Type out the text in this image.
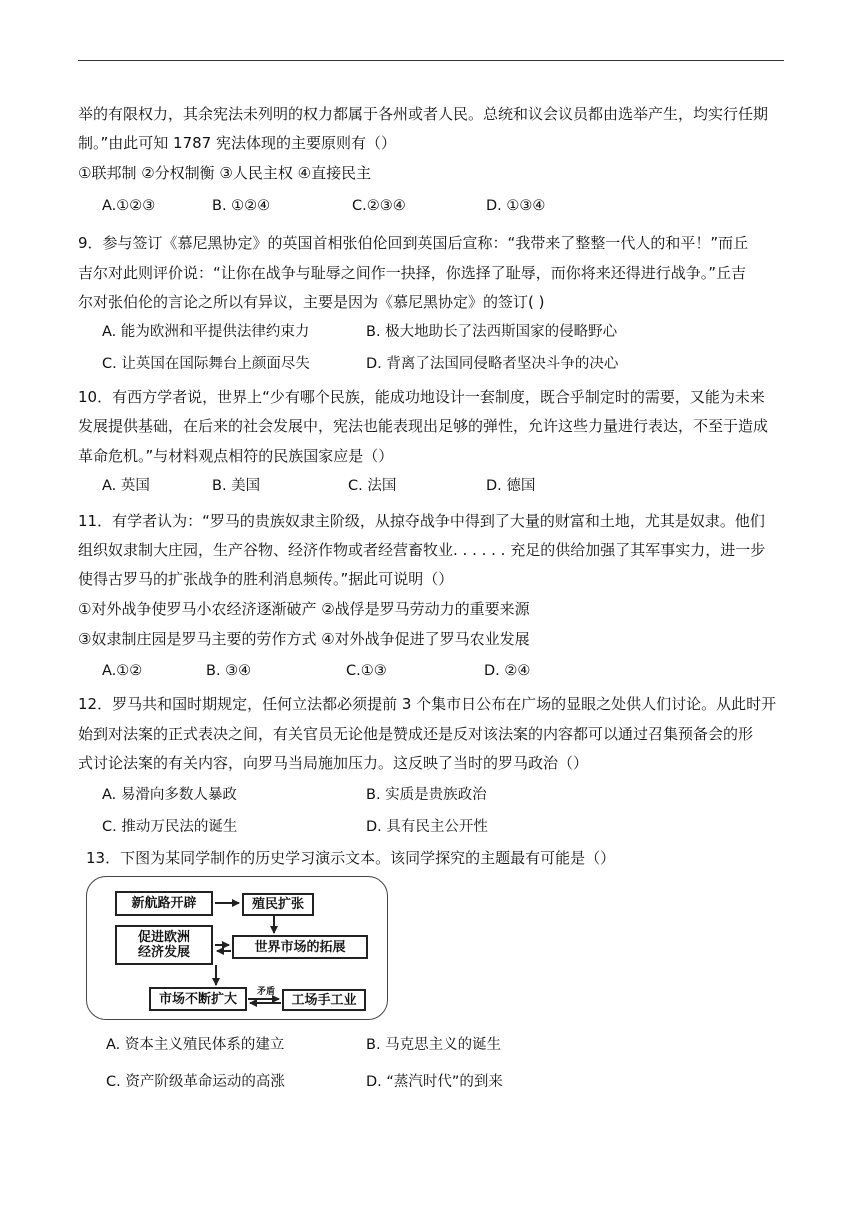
举的有限权力，其余宪法未列明的权力都属于各州或者人民。总统和议会议员都由选举产生，均实行任期
制。”由此可知 1787 宪法体现的主要原则有（）
①联邦制 ②分权制衡 ③人民主权 ④直接民主
A.①②③	B. ①②④	C.②③④	D. ①③④
9．参与签订《慕尼黑协定》的英国首相张伯伦回到英国后宣称：“我带来了整整一代人的和平！”而丘
吉尔对此则评价说：“让你在战争与耻辱之间作一抉择，你选择了耻辱，而你将来还得进行战争。”丘吉
尔对张伯伦的言论之所以有异议，主要是因为《慕尼黑协定》的签订( )
A. 能为欧洲和平提供法律约束力	B. 极大地助长了法西斯国家的侵略野心
C. 让英国在国际舞台上颜面尽失	D. 背离了法国同侵略者坚决斗争的决心
10．有西方学者说，世界上“少有哪个民族，能成功地设计一套制度，既合乎制定时的需要，又能为未来
发展提供基础，在后来的社会发展中，宪法也能表现出足够的弹性，允许这些力量进行表达，不至于造成
革命危机。”与材料观点相符的民族国家应是（）
A. 英国	B. 美国	C. 法国	D. 德国
11．有学者认为：“罗马的贵族奴隶主阶级，从掠夺战争中得到了大量的财富和土地，尤其是奴隶。他们
组织奴隶制大庄园，生产谷物、经济作物或者经营畜牧业. . . . . . 充足的供给加强了其军事实力，进一步
使得古罗马的扩张战争的胜利消息频传。”据此可说明（）
①对外战争使罗马小农经济逐渐破产 ②战俘是罗马劳动力的重要来源
③奴隶制庄园是罗马主要的劳作方式 ④对外战争促进了罗马农业发展
A.①②	B. ③④	C.①③	D. ②④
12．罗马共和国时期规定，任何立法都必须提前 3 个集市日公布在广场的显眼之处供人们讨论。从此时开
始到对法案的正式表决之间，有关官员无论他是赞成还是反对该法案的内容都可以通过召集预备会的形
式讨论法案的有关内容，向罗马当局施加压力。这反映了当时的罗马政治（）
A. 易滑向多数人暴政	B. 实质是贵族政治
C. 推动万民法的诞生	D. 具有民主公开性
13．下图为某同学制作的历史学习演示文本。该同学探究的主题最有可能是（）
新航路开辟	殖民扩张
促进欧洲
经济发展	世界市场的拓展
市场不断扩大	工场手工业
矛盾
A. 资本主义殖民体系的建立	B. 马克思主义的诞生
C. 资产阶级革命运动的高涨	D. “蒸汽时代”的到来
